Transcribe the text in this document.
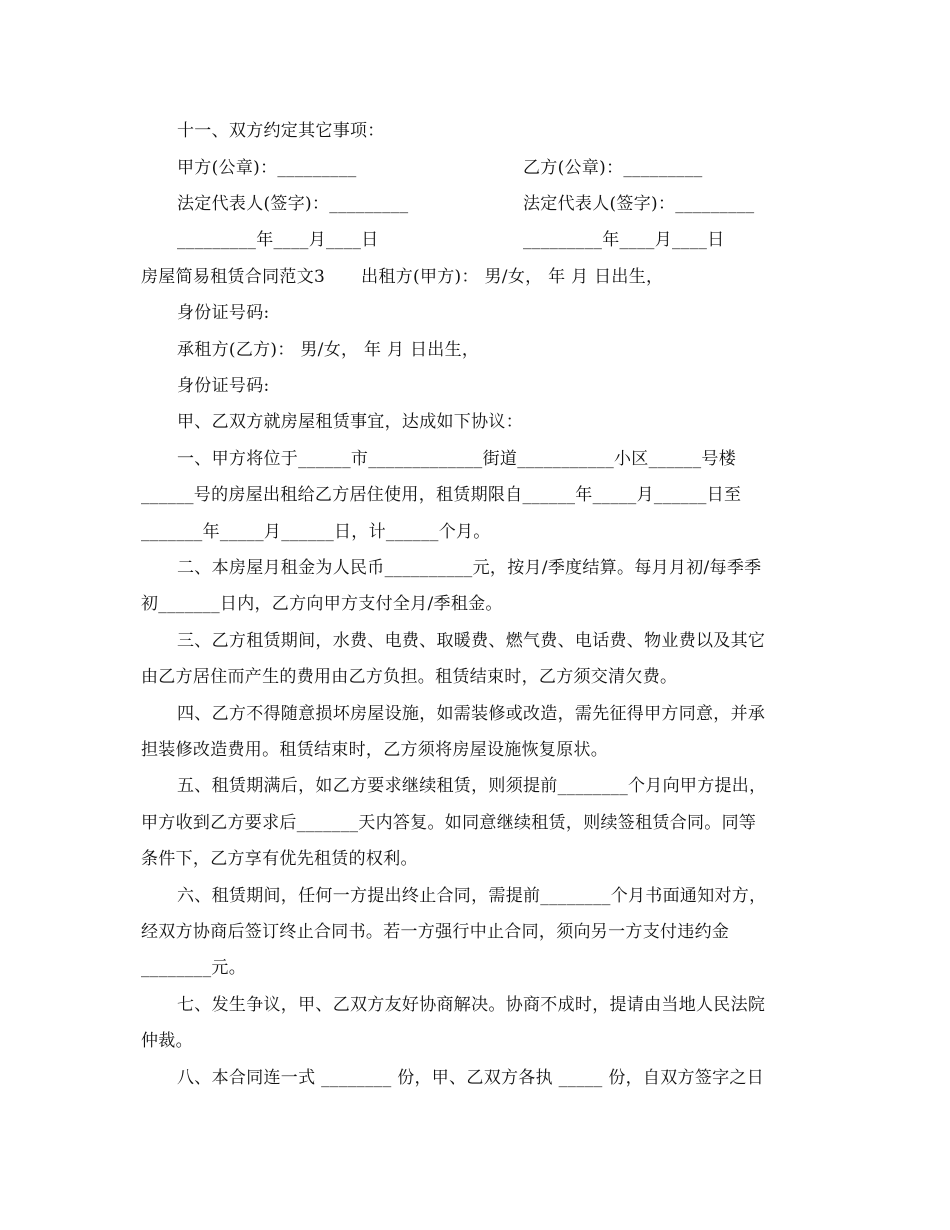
十一、双方约定其它事项：
甲方(公章)：_________	乙方(公章)：_________
法定代表人(签字)：_________	法定代表人(签字)：_________
_________年____月____日	_________年____月____日
房屋简易租赁合同范文3 出租方(甲方)： 男/女， 年 月 日出生，
身份证号码:
承租方(乙方)： 男/女， 年 月 日出生，
身份证号码:
甲、乙双方就房屋租赁事宜，达成如下协议：
一、甲方将位于______市_____________街道___________小区______号楼
______号的房屋出租给乙方居住使用，租赁期限自______年_____月______日至
_______年_____月______日，计______个月。
二、本房屋月租金为人民币__________元，按月/季度结算。每月月初/每季季
初_______日内，乙方向甲方支付全月/季租金。
三、乙方租赁期间，水费、电费、取暖费、燃气费、电话费、物业费以及其它
由乙方居住而产生的费用由乙方负担。租赁结束时，乙方须交清欠费。
四、乙方不得随意损坏房屋设施，如需装修或改造，需先征得甲方同意，并承
担装修改造费用。租赁结束时，乙方须将房屋设施恢复原状。
五、租赁期满后，如乙方要求继续租赁，则须提前________个月向甲方提出，
甲方收到乙方要求后_______天内答复。如同意继续租赁，则续签租赁合同。同等
条件下，乙方享有优先租赁的权利。
六、租赁期间，任何一方提出终止合同，需提前________个月书面通知对方，
经双方协商后签订终止合同书。若一方强行中止合同，须向另一方支付违约金
________元。
七、发生争议，甲、乙双方友好协商解决。协商不成时，提请由当地人民法院
仲裁。
八、本合同连一式 ________ 份，甲、乙双方各执 _____ 份，自双方签字之日
